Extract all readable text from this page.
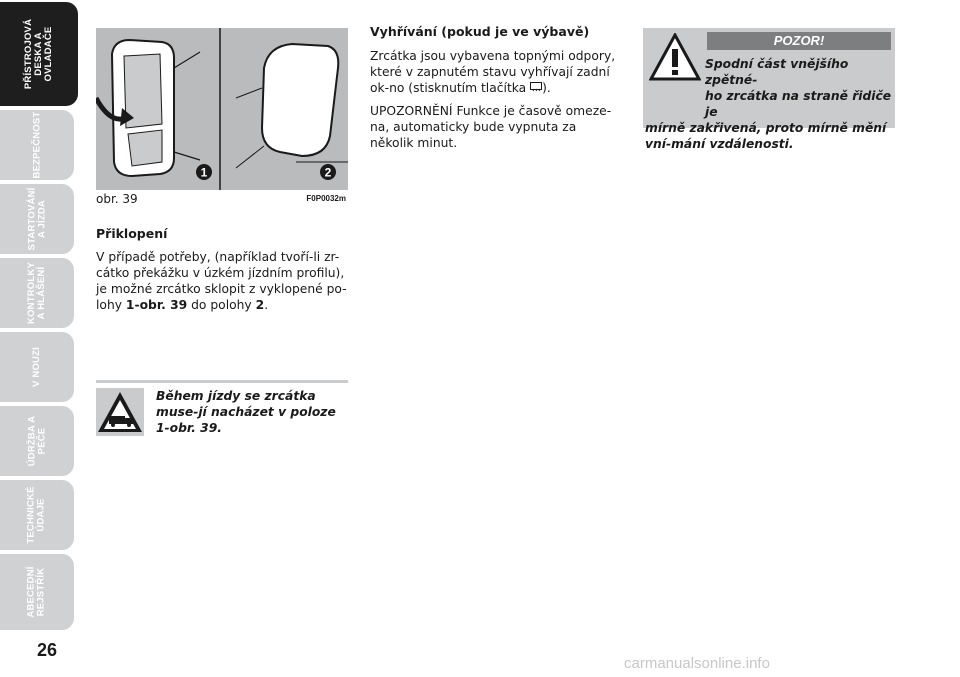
PŘÍSTROJOVÁ
DESKA A
OVLADAČE
BEZPEČNOST
STARTOVÁNÍ
A JÍZDA
KONTROLKY
A HLÁŠENÍ
V NOUZI
ÚDRŽBA A
PÉČE
TECHNICKÉ
ÚDAJE
ABECEDNÍ
REJSTŘÍK
26
1	2
obr. 39	F0P0032m

Přiklopení

V případě potřeby, (například tvoří-li zr-cátko překážku v úzkém jízdním profilu), je možné zrcátko sklopit z vyklopené po-lohy 1-obr. 39 do polohy 2.

Během jízdy se zrcátka muse-jí nacházet v poloze 1-obr. 39.

Vyhřívání (pokud je ve výbavě)

Zrcátka jsou vybavena topnými odpory, které v zapnutém stavu vyhřívají zadní ok-no (stisknutím tlačítka ).

UPOZORNĚNÍ Funkce je časově omeze-na, automaticky bude vypnuta za několik minut.

POZOR!
Spodní část vnějšího zpětné-
ho zrcátka na straně řidiče je
mírně zakřivená, proto mírně mění vní-mání vzdálenosti.
carmanualsonline.info
